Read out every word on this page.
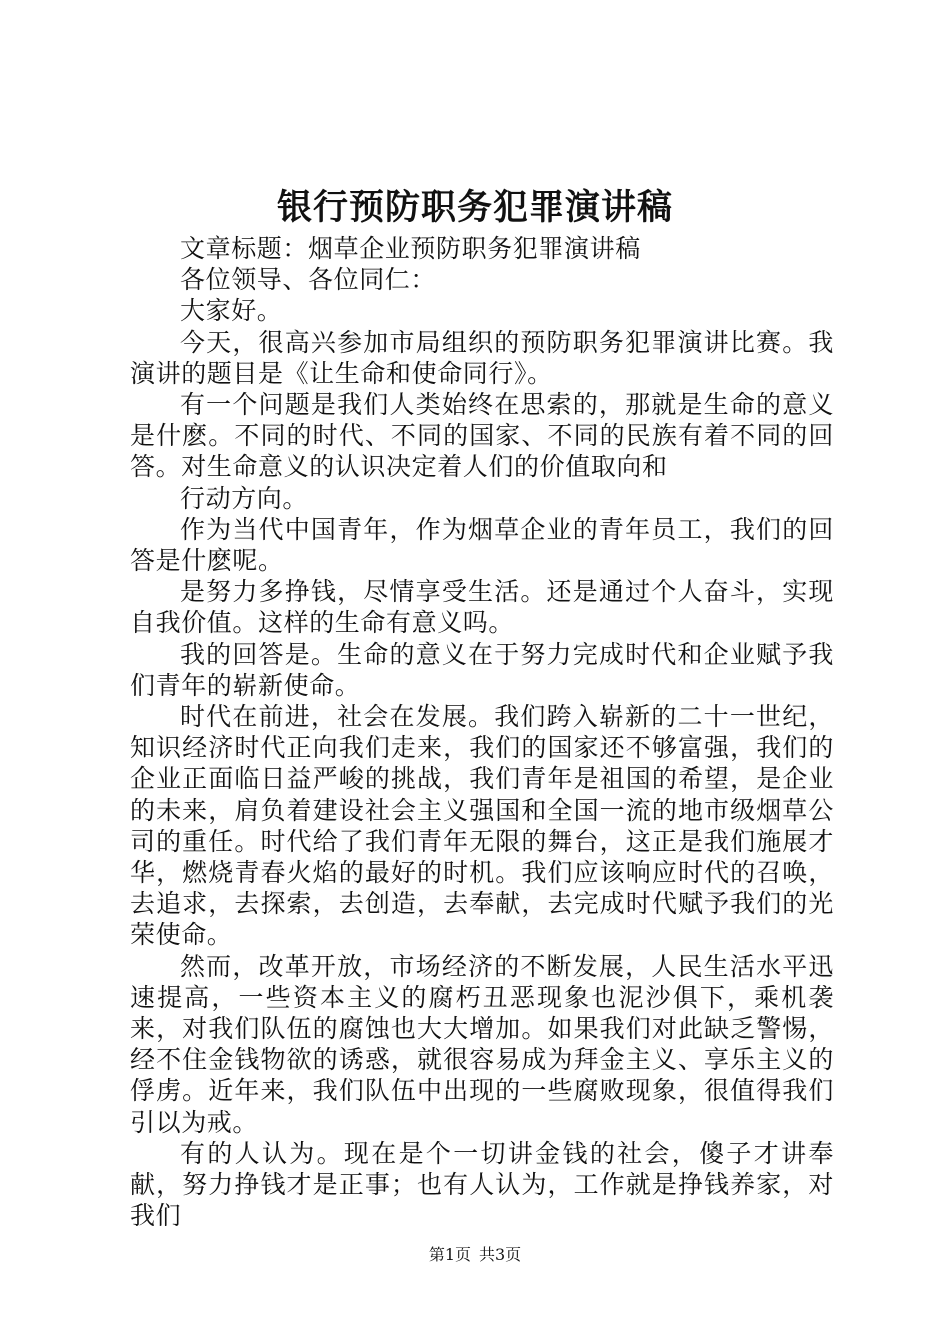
银行预防职务犯罪演讲稿

文章标题：烟草企业预防职务犯罪演讲稿

各位领导、各位同仁：

大家好。

今天，很高兴参加市局组织的预防职务犯罪演讲比赛。我演讲的题目是《让生命和使命同行》。

有一个问题是我们人类始终在思索的，那就是生命的意义是什麽。不同的时代、不同的国家、不同的民族有着不同的回答。对生命意义的认识决定着人们的价值取向和

行动方向。

作为当代中国青年，作为烟草企业的青年员工，我们的回答是什麽呢。

是努力多挣钱，尽情享受生活。还是通过个人奋斗，实现自我价值。这样的生命有意义吗。

我的回答是。生命的意义在于努力完成时代和企业赋予我们青年的崭新使命。

时代在前进，社会在发展。我们跨入崭新的二十一世纪，知识经济时代正向我们走来，我们的国家还不够富强，我们的企业正面临日益严峻的挑战，我们青年是祖国的希望，是企业的未来，肩负着建设社会主义强国和全国一流的地市级烟草公司的重任。时代给了我们青年无限的舞台，这正是我们施展才华，燃烧青春火焰的最好的时机。我们应该响应时代的召唤，去追求，去探索，去创造，去奉献，去完成时代赋予我们的光荣使命。

然而，改革开放，市场经济的不断发展，人民生活水平迅速提高，一些资本主义的腐朽丑恶现象也泥沙俱下，乘机袭来，对我们队伍的腐蚀也大大增加。如果我们对此缺乏警惕，经不住金钱物欲的诱惑，就很容易成为拜金主义、享乐主义的俘虏。近年来，我们队伍中出现的一些腐败现象，很值得我们引以为戒。

有的人认为。现在是个一切讲金钱的社会，傻子才讲奉献，努力挣钱才是正事；也有人认为，工作就是挣钱养家，对我们

第1页 共3页
